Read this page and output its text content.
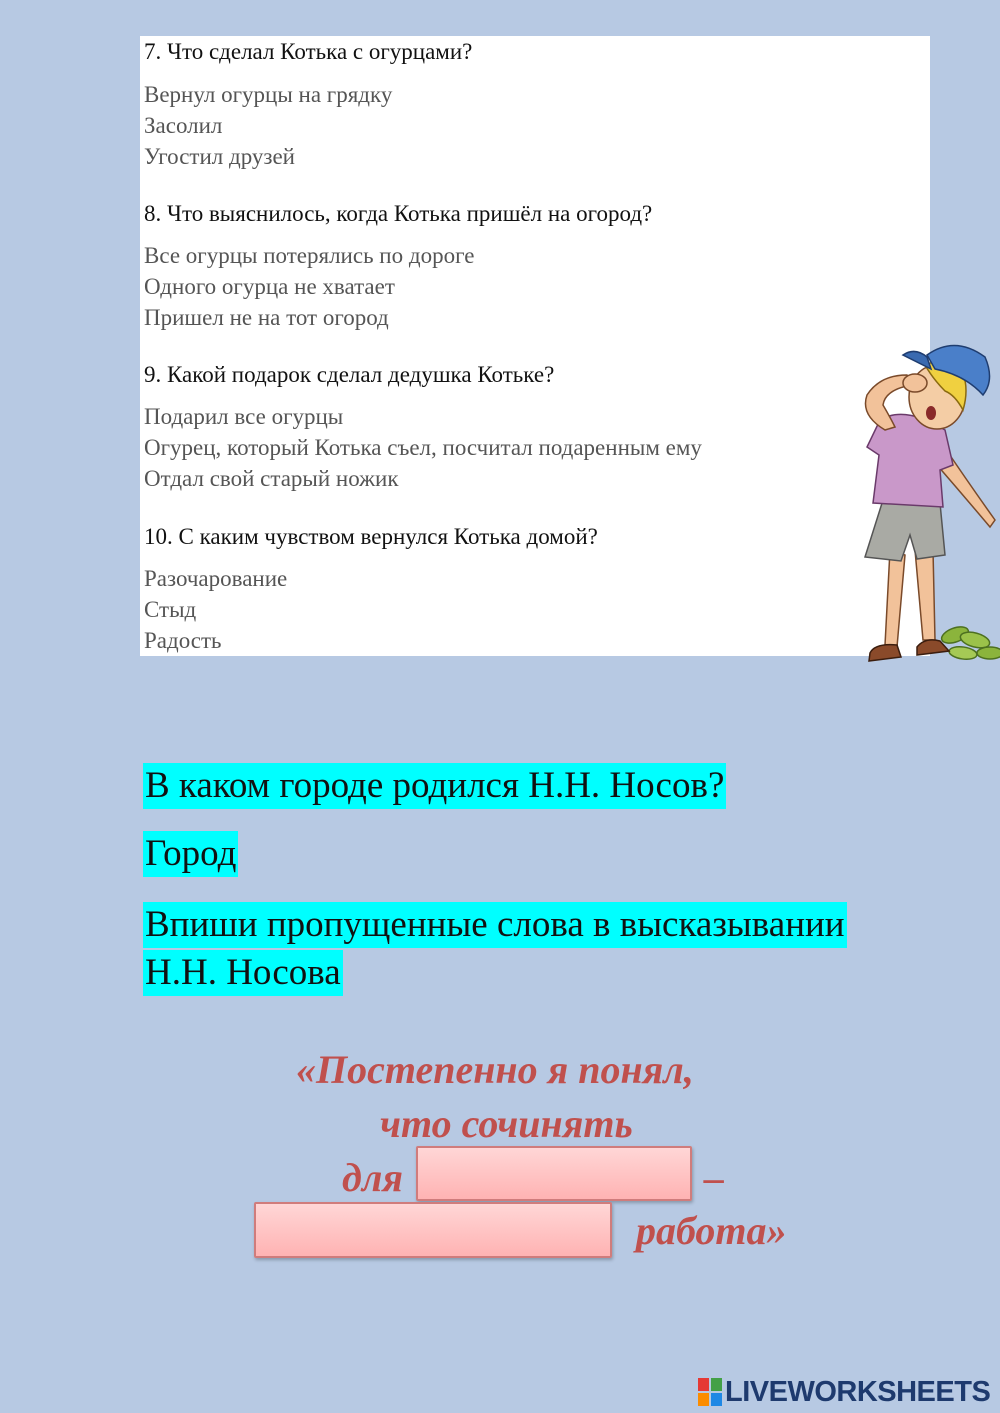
7. Что сделал Котька с огурцами?
Вернул огурцы на грядку
Засолил
Угостил друзей
8. Что выяснилось, когда Котька пришёл на огород?
Все огурцы потерялись по дороге
Одного огурца не хватает
Пришел не на тот огород
9. Какой подарок сделал дедушка Котьке?
Подарил все огурцы
Огурец, который Котька съел, посчитал подаренным ему
Отдал свой старый ножик
10. С каким чувством вернулся Котька домой?
Разочарование
Стыд
Радость
В каком городе родился Н.Н. Носов?
Город
Впиши пропущенные слова в высказывании
Н.Н. Носова
«Постепенно я понял,
что сочинять
для	–
работа»
LIVEWORKSHEETS
